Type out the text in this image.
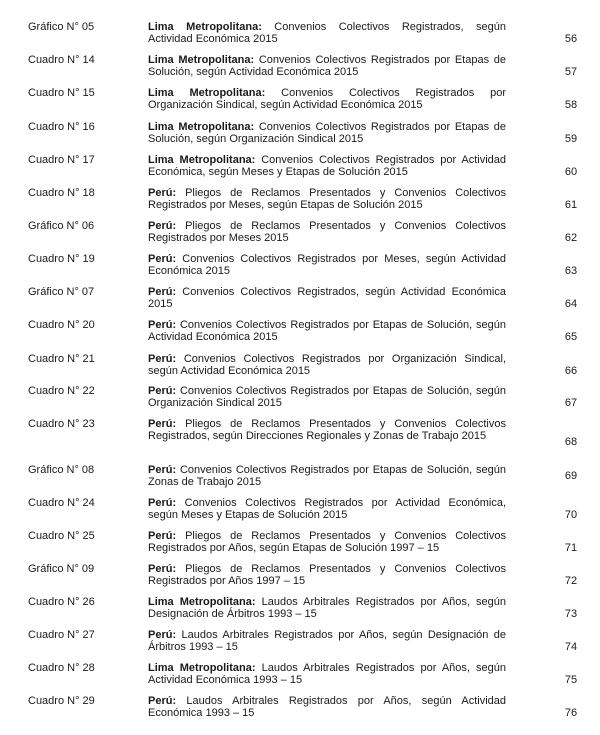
Gráfico N° 05	Lima Metropolitana: Convenios Colectivos Registrados, según Actividad Económica 2015	56
Cuadro N° 14	Lima Metropolitana: Convenios Colectivos Registrados por Etapas de Solución, según Actividad Económica 2015	57
Cuadro N° 15	Lima Metropolitana: Convenios Colectivos Registrados por Organización Sindical, según Actividad Económica 2015	58
Cuadro N° 16	Lima Metropolitana: Convenios Colectivos Registrados por Etapas de Solución, según Organización Sindical 2015	59
Cuadro N° 17	Lima Metropolitana: Convenios Colectivos Registrados por Actividad Económica, según Meses y Etapas de Solución 2015	60
Cuadro N° 18	Perú: Pliegos de Reclamos Presentados y Convenios Colectivos Registrados por Meses, según Etapas de Solución 2015	61
Gráfico N° 06	Perú: Pliegos de Reclamos Presentados y Convenios Colectivos Registrados por Meses 2015	62
Cuadro N° 19	Perú: Convenios Colectivos Registrados por Meses, según Actividad Económica 2015	63
Gráfico N° 07	Perú: Convenios Colectivos Registrados, según Actividad Económica 2015	64
Cuadro N° 20	Perú: Convenios Colectivos Registrados por Etapas de Solución, según Actividad Económica 2015	65
Cuadro N° 21	Perú: Convenios Colectivos Registrados por Organización Sindical, según Actividad Económica 2015	66
Cuadro N° 22	Perú: Convenios Colectivos Registrados por Etapas de Solución, según Organización Sindical 2015	67
Cuadro N° 23	Perú: Pliegos de Reclamos Presentados y Convenios Colectivos Registrados, según Direcciones Regionales y Zonas de Trabajo 2015	68
Gráfico N° 08	Perú: Convenios Colectivos Registrados por Etapas de Solución, según Zonas de Trabajo 2015	69
Cuadro N° 24	Perú: Convenios Colectivos Registrados por Actividad Económica, según Meses y Etapas de Solución 2015	70
Cuadro N° 25	Perú: Pliegos de Reclamos Presentados y Convenios Colectivos Registrados por Años, según Etapas de Solución 1997 – 15	71
Gráfico N° 09	Perú: Pliegos de Reclamos Presentados y Convenios Colectivos Registrados por Años 1997 – 15	72
Cuadro N° 26	Lima Metropolitana: Laudos Arbitrales Registrados por Años, según Designación de Árbitros 1993 – 15	73
Cuadro N° 27	Perú: Laudos Arbitrales Registrados por Años, según Designación de Árbitros 1993 – 15	74
Cuadro N° 28	Lima Metropolitana: Laudos Arbitrales Registrados por Años, según Actividad Económica 1993 – 15	75
Cuadro N° 29	Perú: Laudos Arbitrales Registrados por Años, según Actividad Económica 1993 – 15	76
